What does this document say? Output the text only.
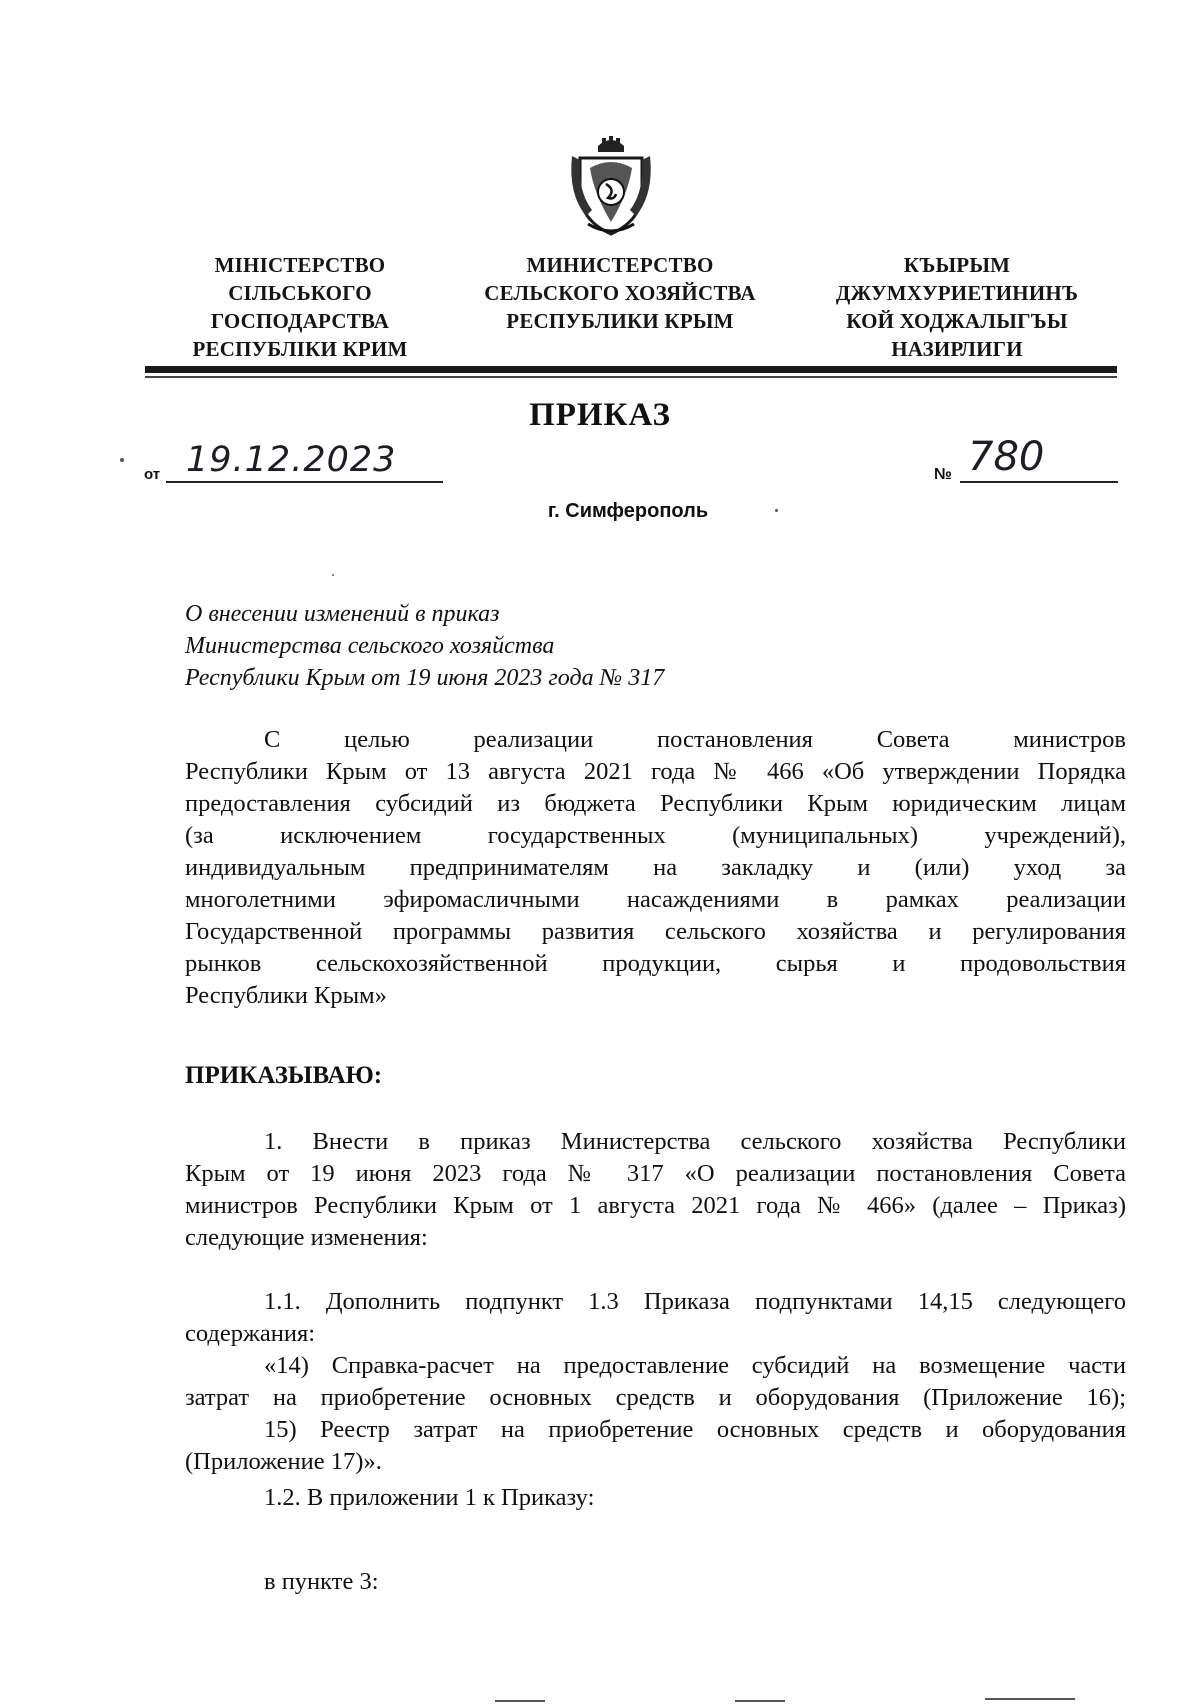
МІНІСТЕРСТВО
СІЛЬСЬКОГО
ГОСПОДАРСТВА
РЕСПУБЛІКИ КРИМ
МИНИСТЕРСТВО
СЕЛЬСКОГО ХОЗЯЙСТВА
РЕСПУБЛИКИ КРЫМ
КЪЫРЫМ
ДЖУМХУРИЕТИНИНЪ
КОЙ ХОДЖАЛЫГЪЫ
НАЗИРЛИГИ
ПРИКАЗ
от 19.12.2023	№ 780
г. Симферополь
О внесении изменений в приказ
Министерства сельского хозяйства
Республики Крым от 19 июня 2023 года № 317
С целью реализации постановления Совета министров
Республики Крым от 13 августа 2021 года № 466 «Об утверждении Порядка
предоставления субсидий из бюджета Республики Крым юридическим лицам
(за исключением государственных (муниципальных) учреждений),
индивидуальным предпринимателям на закладку и (или) уход за
многолетними эфиромасличными насаждениями в рамках реализации
Государственной программы развития сельского хозяйства и регулирования
рынков сельскохозяйственной продукции, сырья и продовольствия
Республики Крым»
ПРИКАЗЫВАЮ:
1. Внести в приказ Министерства сельского хозяйства Республики
Крым от 19 июня 2023 года № 317 «О реализации постановления Совета
министров Республики Крым от 1 августа 2021 года № 466» (далее – Приказ)
следующие изменения:
1.1. Дополнить подпункт 1.3 Приказа подпунктами 14,15 следующего
содержания:
«14) Справка-расчет на предоставление субсидий на возмещение части
затрат на приобретение основных средств и оборудования (Приложение 16);
15) Реестр затрат на приобретение основных средств и оборудования
(Приложение 17)».
1.2. В приложении 1 к Приказу:
в пункте 3:
